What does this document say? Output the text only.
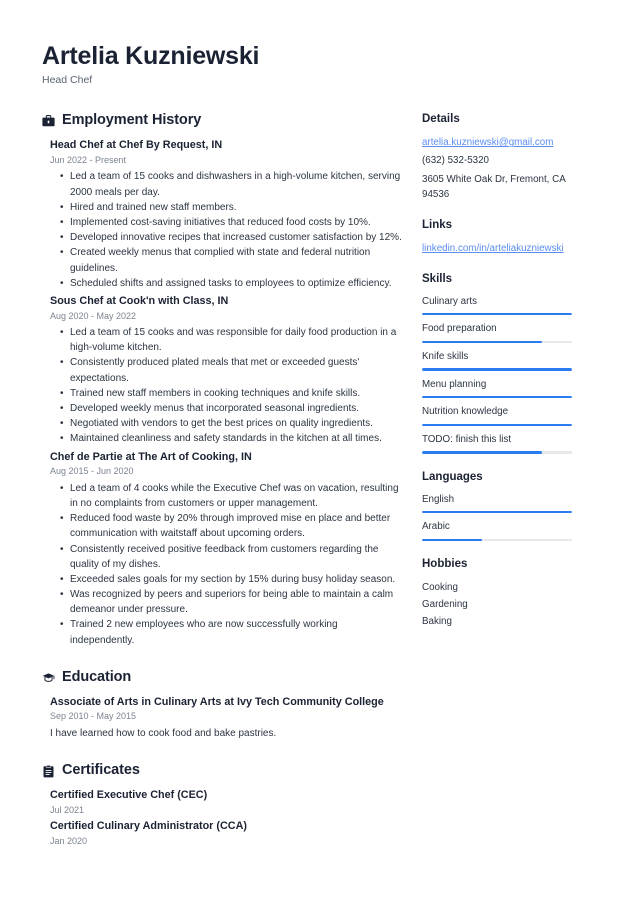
Artelia Kuzniewski
Head Chef
Employment History
Head Chef at Chef By Request, IN
Jun 2022 - Present
• Led a team of 15 cooks and dishwashers in a high-volume kitchen, serving 2000 meals per day.
• Hired and trained new staff members.
• Implemented cost-saving initiatives that reduced food costs by 10%.
• Developed innovative recipes that increased customer satisfaction by 12%.
• Created weekly menus that complied with state and federal nutrition guidelines.
• Scheduled shifts and assigned tasks to employees to optimize efficiency.
Sous Chef at Cook'n with Class, IN
Aug 2020 - May 2022
• Led a team of 15 cooks and was responsible for daily food production in a high-volume kitchen.
• Consistently produced plated meals that met or exceeded guests' expectations.
• Trained new staff members in cooking techniques and knife skills.
• Developed weekly menus that incorporated seasonal ingredients.
• Negotiated with vendors to get the best prices on quality ingredients.
• Maintained cleanliness and safety standards in the kitchen at all times.
Chef de Partie at The Art of Cooking, IN
Aug 2015 - Jun 2020
• Led a team of 4 cooks while the Executive Chef was on vacation, resulting in no complaints from customers or upper management.
• Reduced food waste by 20% through improved mise en place and better communication with waitstaff about upcoming orders.
• Consistently received positive feedback from customers regarding the quality of my dishes.
• Exceeded sales goals for my section by 15% during busy holiday season.
• Was recognized by peers and superiors for being able to maintain a calm demeanor under pressure.
• Trained 2 new employees who are now successfully working independently.
Education
Associate of Arts in Culinary Arts at Ivy Tech Community College
Sep 2010 - May 2015
I have learned how to cook food and bake pastries.
Certificates
Certified Executive Chef (CEC)
Jul 2021
Certified Culinary Administrator (CCA)
Jan 2020
Details
artelia.kuzniewski@gmail.com
(632) 532-5320
3605 White Oak Dr, Fremont, CA 94536
Links
linkedin.com/in/arteliakuzniewski
Skills
Culinary arts
Food preparation
Knife skills
Menu planning
Nutrition knowledge
TODO: finish this list
Languages
English
Arabic
Hobbies
Cooking
Gardening
Baking
